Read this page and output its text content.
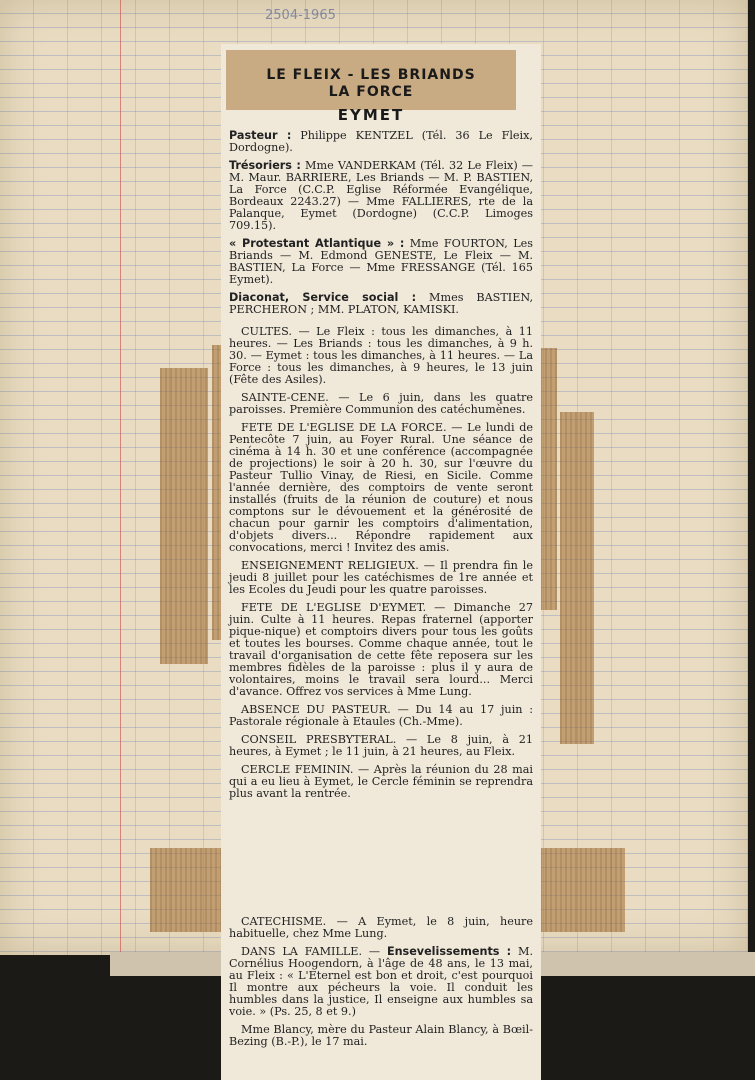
2504-1965

Pasteur : Philippe KENTZEL (Tél. 36 Le Fleix, Dordogne).

Trésoriers : Mme VANDERKAM (Tél. 32 Le Fleix) — M. Maur. BARRIERE, Les Briands — M. P. BASTIEN, La Force (C.C.P. Eglise Réformée Evangélique, Bordeaux 2243.27) — Mme FALLIERES, rte de la Palanque, Eymet (Dordogne) (C.C.P. Limoges 709.15).

« Protestant Atlantique » : Mme FOURTON, Les Briands — M. Edmond GENESTE, Le Fleix — M. BASTIEN, La Force — Mme FRESSANGE (Tél. 165 Eymet).

Diaconat, Service social : Mmes BASTIEN, PERCHERON ; MM. PLATON, KAMISKI.

CULTES. — Le Fleix : tous les dimanches, à 11 heures. — Les Briands : tous les dimanches, à 9 h. 30. — Eymet : tous les dimanches, à 11 heures. — La Force : tous les dimanches, à 9 heures, le 13 juin (Fête des Asiles).

SAINTE-CENE. — Le 6 juin, dans les quatre paroisses. Première Communion des catéchumènes.

FETE DE L'EGLISE DE LA FORCE. — Le lundi de Pentecôte 7 juin, au Foyer Rural. Une séance de cinéma à 14 h. 30 et une conférence (accompagnée de projections) le soir à 20 h. 30, sur l'œuvre du Pasteur Tullio Vinay, de Riesi, en Sicile. Comme l'année dernière, des comptoirs de vente seront installés (fruits de la réunion de couture) et nous comptons sur le dévouement et la générosité de chacun pour garnir les comptoirs d'alimentation, d'objets divers... Répondre rapidement aux convocations, merci ! Invitez des amis.

ENSEIGNEMENT RELIGIEUX. — Il prendra fin le jeudi 8 juillet pour les catéchismes de 1re année et les Ecoles du Jeudi pour les quatre paroisses.

FETE DE L'EGLISE D'EYMET. — Dimanche 27 juin. Culte à 11 heures. Repas fraternel (apporter pique-nique) et comptoirs divers pour tous les goûts et toutes les bourses. Comme chaque année, tout le travail d'organisation de cette fête reposera sur les membres fidèles de la paroisse : plus il y aura de volontaires, moins le travail sera lourd... Merci d'avance. Offrez vos services à Mme Lung.

ABSENCE DU PASTEUR. — Du 14 au 17 juin : Pastorale régionale à Etaules (Ch.-Mme).

CONSEIL PRESBYTERAL. — Le 8 juin, à 21 heures, à Eymet ; le 11 juin, à 21 heures, au Fleix.

CERCLE FEMININ. — Après la réunion du 28 mai qui a eu lieu à Eymet, le Cercle féminin se reprendra plus avant la rentrée.

CATECHISME. — A Eymet, le 8 juin, heure habituelle, chez Mme Lung.

DANS LA FAMILLE. — Ensevelissements : M. Cornélius Hoogendorn, à l'âge de 48 ans, le 13 mai, au Fleix : « L'Eternel est bon et droit, c'est pourquoi Il montre aux pécheurs la voie. Il conduit les humbles dans la justice, Il enseigne aux humbles sa voie. » (Ps. 25, 8 et 9.)

Mme Blancy, mère du Pasteur Alain Blancy, à Bœil-Bezing (B.-P.), le 17 mai.

LE FLEIX - LES BRIANDS
LA FORCE
EYMET
